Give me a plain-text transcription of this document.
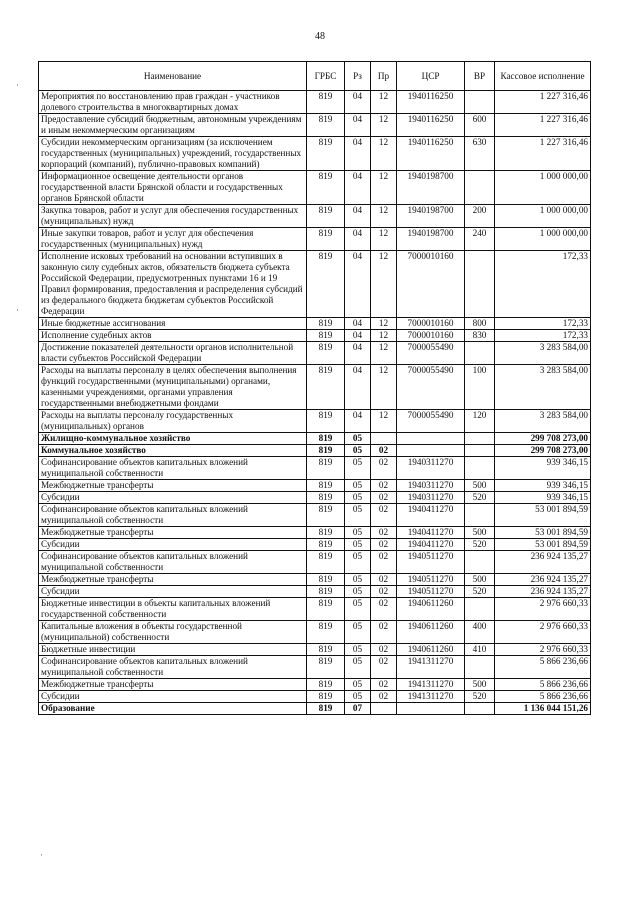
48
·
·
·
Наименование	ГРБС	Рз	Пр	ЦСР	ВР	Кассовое исполнение
Мероприятия по восстановлению прав граждан - участников долевого строительства в многоквартирных домах	819	04	12	1940116250		1 227 316,46
Предоставление субсидий бюджетным, автономным учреждениям и иным некоммерческим организациям	819	04	12	1940116250	600	1 227 316,46
Субсидии некоммерческим организациям (за исключением государственных (муниципальных) учреждений, государственных корпораций (компаний), публично-правовых компаний)	819	04	12	1940116250	630	1 227 316,46
Информационное освещение деятельности органов государственной власти Брянской области и государственных органов Брянской области	819	04	12	1940198700		1 000 000,00
Закупка товаров, работ и услуг для обеспечения государственных (муниципальных) нужд	819	04	12	1940198700	200	1 000 000,00
Иные закупки товаров, работ и услуг для обеспечения государственных (муниципальных) нужд	819	04	12	1940198700	240	1 000 000,00
Исполнение исковых требований на основании вступивших в законную силу судебных актов, обязательств бюджета субъекта Российской Федерации, предусмотренных пунктами 16 и 19 Правил формирования, предоставления и распределения субсидий из федерального бюджета бюджетам субъектов Российской Федерации	819	04	12	7000010160		172,33
Иные бюджетные ассигнования	819	04	12	7000010160	800	172,33
Исполнение судебных актов	819	04	12	7000010160	830	172,33
Достижение показателей деятельности органов исполнительной власти субъектов Российской Федерации	819	04	12	7000055490		3 283 584,00
Расходы на выплаты персоналу в целях обеспечения выполнения функций государственными (муниципальными) органами, казенными учреждениями, органами управления государственными внебюджетными фондами	819	04	12	7000055490	100	3 283 584,00
Расходы на выплаты персоналу государственных (муниципальных) органов	819	04	12	7000055490	120	3 283 584,00
Жилищно-коммунальное хозяйство	819	05				299 708 273,00
Коммунальное хозяйство	819	05	02			299 708 273,00
Софинансирование объектов капитальных вложений муниципальной собственности	819	05	02	1940311270		939 346,15
Межбюджетные трансферты	819	05	02	1940311270	500	939 346,15
Субсидии	819	05	02	1940311270	520	939 346,15
Софинансирование объектов капитальных вложений муниципальной собственности	819	05	02	1940411270		53 001 894,59
Межбюджетные трансферты	819	05	02	1940411270	500	53 001 894,59
Субсидии	819	05	02	1940411270	520	53 001 894,59
Софинансирование объектов капитальных вложений муниципальной собственности	819	05	02	1940511270		236 924 135,27
Межбюджетные трансферты	819	05	02	1940511270	500	236 924 135,27
Субсидии	819	05	02	1940511270	520	236 924 135,27
Бюджетные инвестиции в объекты капитальных вложений государственной собственности	819	05	02	1940611260		2 976 660,33
Капитальные вложения в объекты государственной (муниципальной) собственности	819	05	02	1940611260	400	2 976 660,33
Бюджетные инвестиции	819	05	02	1940611260	410	2 976 660,33
Софинансирование объектов капитальных вложений муниципальной собственности	819	05	02	1941311270		5 866 236,66
Межбюджетные трансферты	819	05	02	1941311270	500	5 866 236,66
Субсидии	819	05	02	1941311270	520	5 866 236,66
Образование	819	07				1 136 044 151,26
